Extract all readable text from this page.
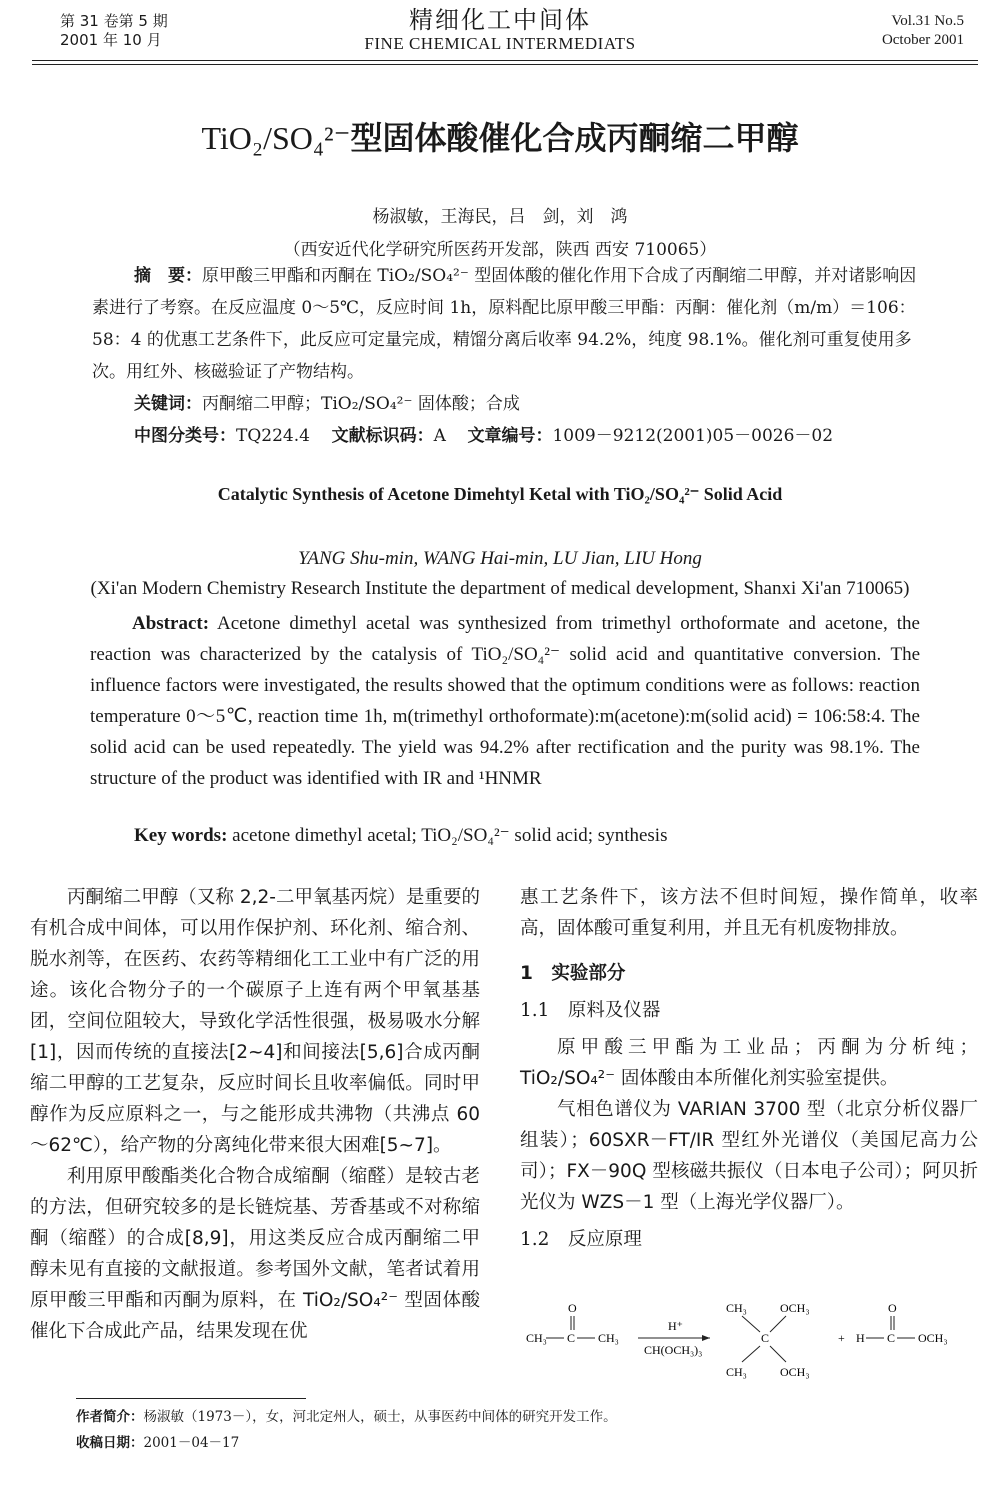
第 31 卷第 5 期
2001 年 10 月
精细化工中间体
FINE CHEMICAL INTERMEDIATS
Vol.31 No.5
October 2001
TiO₂/SO₄²⁻型固体酸催化合成丙酮缩二甲醇
杨淑敏，王海民，吕　剑，刘　鸿
（西安近代化学研究所医药开发部，陕西 西安 710065）
摘　要：原甲酸三甲酯和丙酮在 TiO₂/SO₄²⁻ 型固体酸的催化作用下合成了丙酮缩二甲醇，并对诸影响因素进行了考察。在反应温度 0～5℃，反应时间 1h，原料配比原甲酸三甲酯：丙酮：催化剂（m/m）＝106：58：4 的优惠工艺条件下，此反应可定量完成，精馏分离后收率 94.2%，纯度 98.1%。催化剂可重复使用多次。用红外、核磁验证了产物结构。
关键词：丙酮缩二甲醇；TiO₂/SO₄²⁻ 固体酸；合成
中图分类号：TQ224.4 文献标识码：A 文章编号：1009－9212(2001)05－0026－02
Catalytic Synthesis of Acetone Dimehtyl Ketal with TiO₂/SO₄²⁻ Solid Acid
YANG Shu-min, WANG Hai-min, LU Jian, LIU Hong
(Xi'an Modern Chemistry Research Institute the department of medical development, Shanxi Xi'an 710065)
Abstract: Acetone dimethyl acetal was synthesized from trimethyl orthoformate and acetone, the reaction was characterized by the catalysis of TiO₂/SO₄²⁻ solid acid and quantitative conversion. The influence factors were investigated, the results showed that the optimum conditions were as follows: reaction temperature 0～5℃, reaction time 1h, m(trimethyl orthoformate):m(acetone):m(solid acid) = 106:58:4. The solid acid can be used repeatedly. The yield was 94.2% after rectification and the purity was 98.1%. The structure of the product was identified with IR and ¹HNMR
Key words: acetone dimethyl acetal; TiO₂/SO₄²⁻ solid acid; synthesis

丙酮缩二甲醇（又称 2,2-二甲氧基丙烷）是重要的有机合成中间体，可以用作保护剂、环化剂、缩合剂、脱水剂等，在医药、农药等精细化工工业中有广泛的用途。该化合物分子的一个碳原子上连有两个甲氧基基团，空间位阻较大，导致化学活性很强，极易吸水分解[1]，因而传统的直接法[2~4]和间接法[5,6]合成丙酮缩二甲醇的工艺复杂，反应时间长且收率偏低。同时甲醇作为反应原料之一，与之能形成共沸物（共沸点 60～62℃），给产物的分离纯化带来很大困难[5~7]。

利用原甲酸酯类化合物合成缩酮（缩醛）是较古老的方法，但研究较多的是长链烷基、芳香基或不对称缩酮（缩醛）的合成[8,9]，用这类反应合成丙酮缩二甲醇未见有直接的文献报道。参考国外文献，笔者试着用原甲酸三甲酯和丙酮为原料，在 TiO₂/SO₄²⁻ 型固体酸催化下合成此产品，结果发现在优

惠工艺条件下，该方法不但时间短，操作简单，收率高，固体酸可重复利用，并且无有机废物排放。

1　实验部分

1.1　原料及仪器

原甲酸三甲酯为工业品；丙酮为分析纯；TiO₂/SO₄²⁻ 固体酸由本所催化剂实验室提供。

气相色谱仪为 VARIAN 3700 型（北京分析仪器厂组装）；60SXR－FT/IR 型红外光谱仪（美国尼高力公司）；FX－90Q 型核磁共振仪（日本电子公司）；阿贝折光仪为 WZS－1 型（上海光学仪器厂）。

1.2　反应原理

O
CH₃ C CH₃
H⁺
CH(OCH₃)₃
CH₃	OCH₃
C
CH₃	OCH₃
+
O
H C OCH₃
作者简介：杨淑敏（1973－），女，河北定州人，硕士，从事医药中间体的研究开发工作。
收稿日期：2001－04－17
